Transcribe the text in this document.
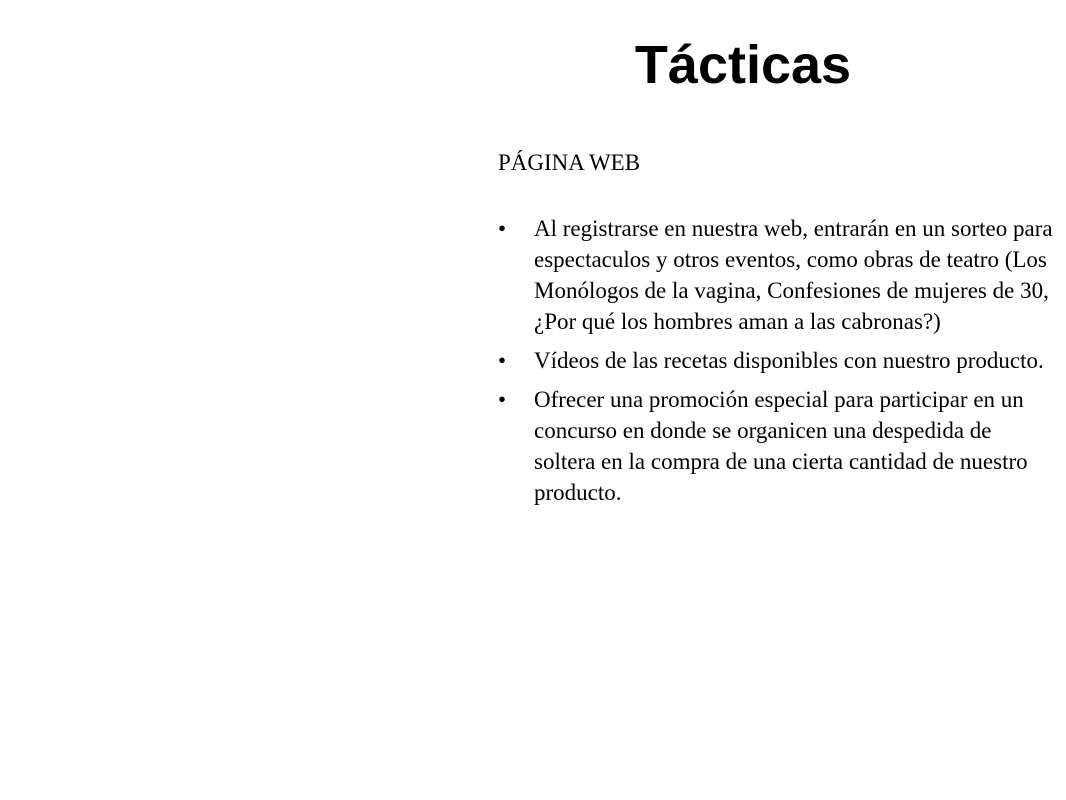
Tácticas

PÁGINA WEB

•	Al registrarse en nuestra web, entrarán en un sorteo para espectaculos y otros eventos, como obras de teatro (Los Monólogos de la vagina, Confesiones de mujeres de 30, ¿Por qué los hombres aman a las cabronas?)
•	Vídeos de las recetas disponibles con nuestro producto.
•	Ofrecer una promoción especial para participar en un concurso en donde se organicen una despedida de soltera en la compra de una cierta cantidad de nuestro producto.
